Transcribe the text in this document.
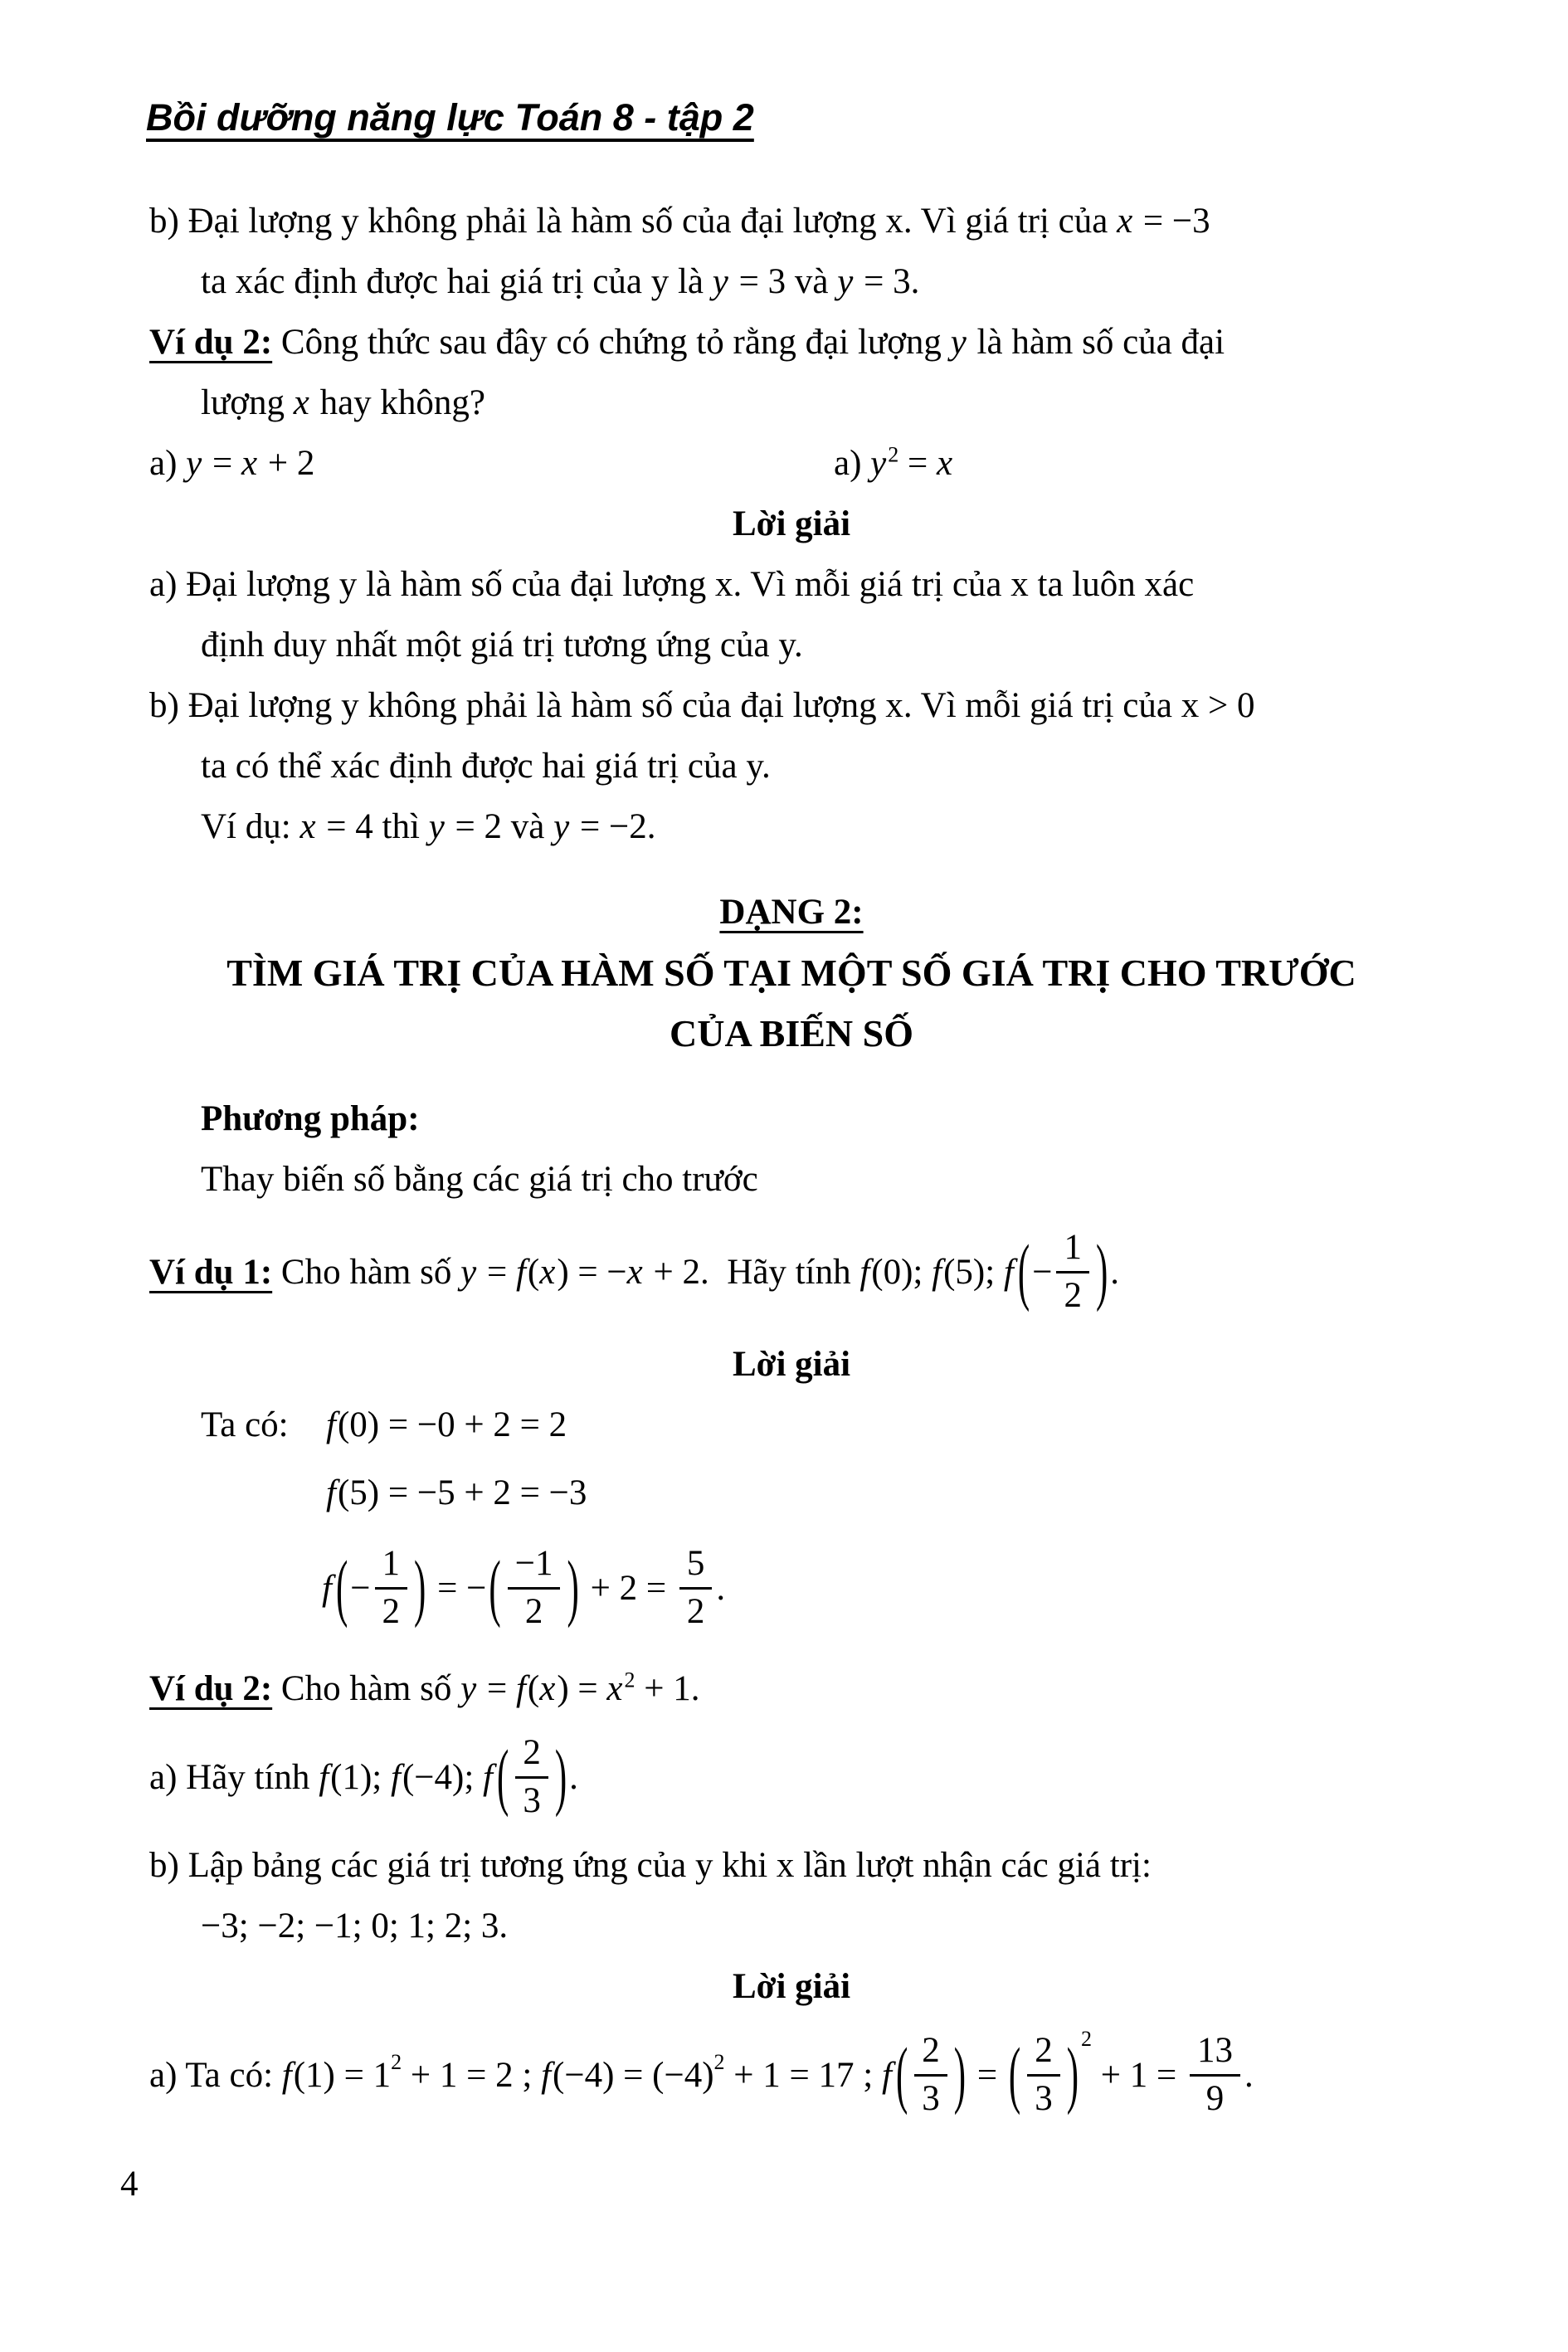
Bồi dưỡng năng lực Toán 8 - tập 2
b) Đại lượng y không phải là hàm số của đại lượng x. Vì giá trị của x = −3
ta xác định được hai giá trị của y là y = 3 và y = 3.
Ví dụ 2: Công thức sau đây có chứng tỏ rằng đại lượng y là hàm số của đại
lượng x hay không?
a) y = x + 2	a) $y^2 = x$
Lời giải
a) Đại lượng y là hàm số của đại lượng x. Vì mỗi giá trị của x ta luôn xác
định duy nhất một giá trị tương ứng của y.
b) Đại lượng y không phải là hàm số của đại lượng x. Vì mỗi giá trị của x > 0
ta có thể xác định được hai giá trị của y.
Ví dụ: x = 4 thì y = 2 và y = −2.
DẠNG 2:
TÌM GIÁ TRỊ CỦA HÀM SỐ TẠI MỘT SỐ GIÁ TRỊ CHO TRƯỚC
CỦA BIẾN SỐ
Phương pháp:
Thay biến số bằng các giá trị cho trước
Ví dụ 1: Cho hàm số y = f ( x ) = − x + 2. Hãy tính f (0); f (5); f ( − $\frac{1}{2}$ ) .
Lời giải
Ta có:f(0) = −0 + 2 = 2
f (5) = −5 + 2 = −3
f ( − $\frac{1}{2}$ ) = − ( $\frac{-1}{2}$ ) + $2 = \frac{5}{2}$ .
Ví dụ 2: Cho hàm số $y = f(x) = x^2 + 1$.
a) Hãy tính f (1); f (−4); f ( $\frac{2}{3}$ ) .
b) Lập bảng các giá trị tương ứng của y khi x lần lượt nhận các giá trị:
−3; −2; −1; 0; 1; 2; 3.
Lời giải
a) Ta có: f (1) = 1 2 + 1 = 2 ; f (−4) = (−4) 2 + 1 = 17 ; f ( $\frac{2}{3}$ ) = ( $\frac{2}{3}$ ) 2
+ $1 = \frac{13}{9}$ .
4
